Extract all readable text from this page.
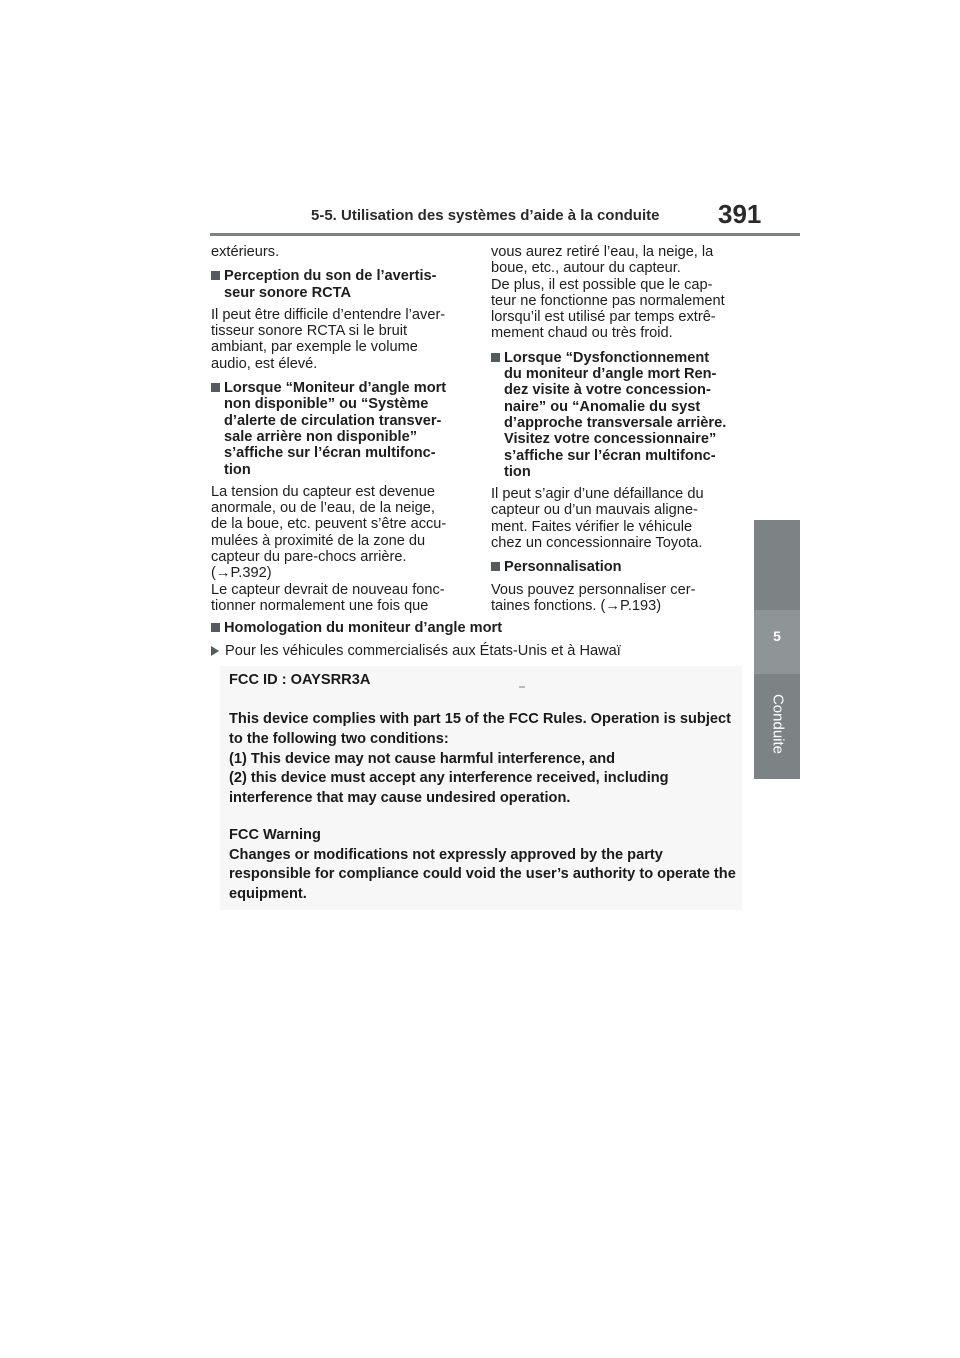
5-5. Utilisation des systèmes d’aide à la conduite 391
5
Conduite

extérieurs.

Perception du son de l’avertis-
seur sonore RCTA

Il peut être difficile d’entendre l’aver-
tisseur sonore RCTA si le bruit
ambiant, par exemple le volume
audio, est élevé.

Lorsque “Moniteur d’angle mort
non disponible” ou “Système
d’alerte de circulation transver-
sale arrière non disponible”
s’affiche sur l’écran multifonc-
tion

La tension du capteur est devenue
anormale, ou de l’eau, de la neige,
de la boue, etc. peuvent s’être accu-
mulées à proximité de la zone du
capteur du pare-chocs arrière.
(→P.392)
Le capteur devrait de nouveau fonc-
tionner normalement une fois que

vous aurez retiré l’eau, la neige, la
boue, etc., autour du capteur.
De plus, il est possible que le cap-
teur ne fonctionne pas normalement
lorsqu’il est utilisé par temps extrê-
mement chaud ou très froid.

Lorsque “Dysfonctionnement
du moniteur d’angle mort Ren-
dez visite à votre concession-
naire” ou “Anomalie du syst
d’approche transversale arrière.
Visitez votre concessionnaire”
s’affiche sur l’écran multifonc-
tion

Il peut s’agir d’une défaillance du
capteur ou d’un mauvais aligne-
ment. Faites vérifier le véhicule
chez un concessionnaire Toyota.

Personnalisation

Vous pouvez personnaliser cer-
taines fonctions. (→P.193)

Homologation du moniteur d’angle mort
Pour les véhicules commercialisés aux États-Unis et à Hawaï
FCC ID : OAYSRR3A
This device complies with part 15 of the FCC Rules. Operation is subject
to the following two conditions:
(1) This device may not cause harmful interference, and
(2) this device must accept any interference received, including
interference that may cause undesired operation.
FCC Warning
Changes or modifications not expressly approved by the party
responsible for compliance could void the user’s authority to operate the
equipment.
